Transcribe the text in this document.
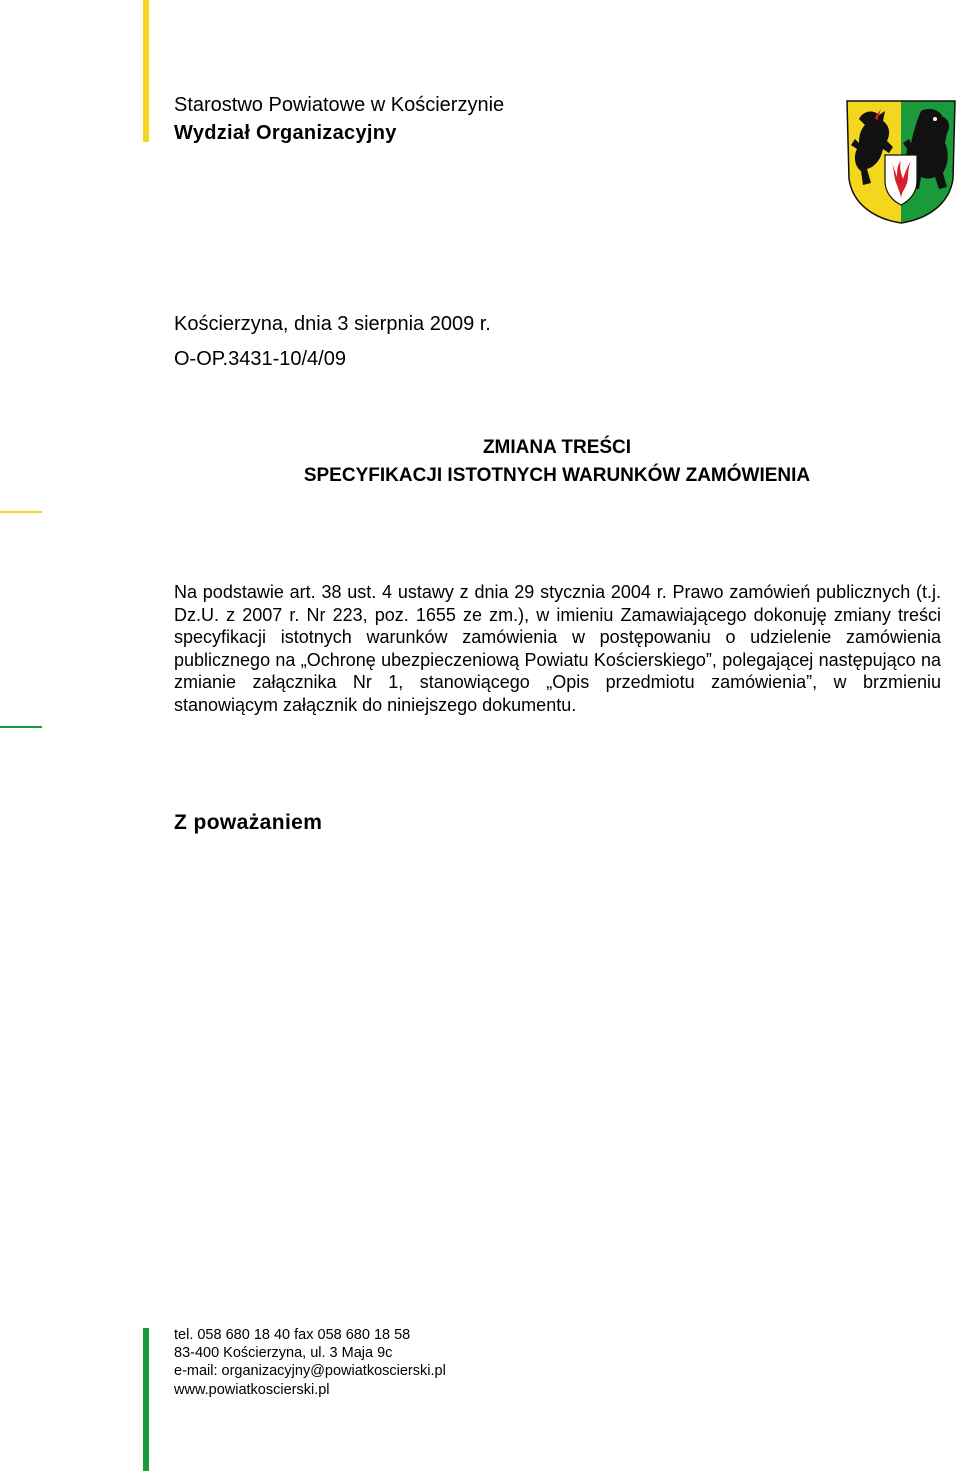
Starostwo Powiatowe w Kościerzynie
Wydział Organizacyjny
Kościerzyna, dnia 3 sierpnia 2009 r.
O-OP.3431-10/4/09
ZMIANA TREŚCI
SPECYFIKACJI ISTOTNYCH WARUNKÓW ZAMÓWIENIA
Na podstawie art. 38 ust. 4 ustawy z dnia 29 stycznia 2004 r. Prawo zamówień publicznych (t.j. Dz.U. z 2007 r. Nr 223, poz. 1655 ze zm.), w imieniu Zamawiającego dokonuję zmiany treści specyfikacji istotnych warunków zamówienia w postępowaniu o udzielenie zamówienia publicznego na „Ochronę ubezpieczeniową Powiatu Kościerskiego”, polegającej następująco na zmianie załącznika Nr 1, stanowiącego „Opis przedmiotu zamówienia”, w brzmieniu stanowiącym załącznik do niniejszego dokumentu.
Z poważaniem
tel. 058 680 18 40 fax 058 680 18 58
83-400 Kościerzyna, ul. 3 Maja 9c
e-mail: organizacyjny@powiatkoscierski.pl
www.powiatkoscierski.pl
